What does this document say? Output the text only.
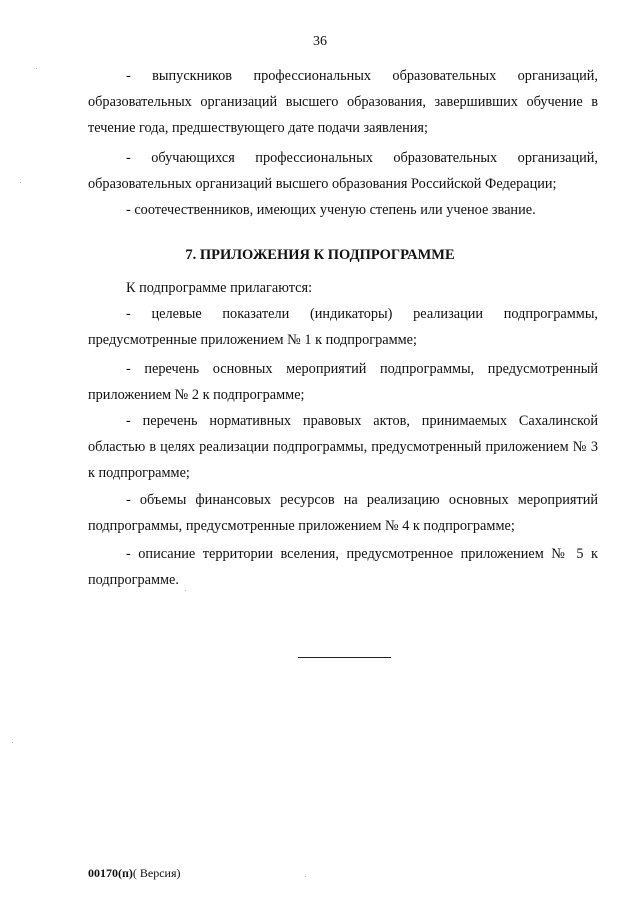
36

- выпускников профессиональных образовательных организаций, образовательных организаций высшего образования, завершивших обучение в течение года, предшествующего дате подачи заявления;

- обучающихся профессиональных образовательных организаций, образовательных организаций высшего образования Российской Федерации;

- соотечественников, имеющих ученую степень или ученое звание.

7. ПРИЛОЖЕНИЯ К ПОДПРОГРАММЕ

К подпрограмме прилагаются:

- целевые показатели (индикаторы) реализации подпрограммы, предусмотренные приложением № 1 к подпрограмме;

- перечень основных мероприятий подпрограммы, предусмотренный приложением № 2 к подпрограмме;

- перечень нормативных правовых актов, принимаемых Сахалинской областью в целях реализации подпрограммы, предусмотренный приложением № 3 к подпрограмме;

- объемы финансовых ресурсов на реализацию основных мероприятий подпрограммы, предусмотренные приложением № 4 к подпрограмме;

- описание территории вселения, предусмотренное приложением № 5 к подпрограмме.

00170(п)( Версия)
